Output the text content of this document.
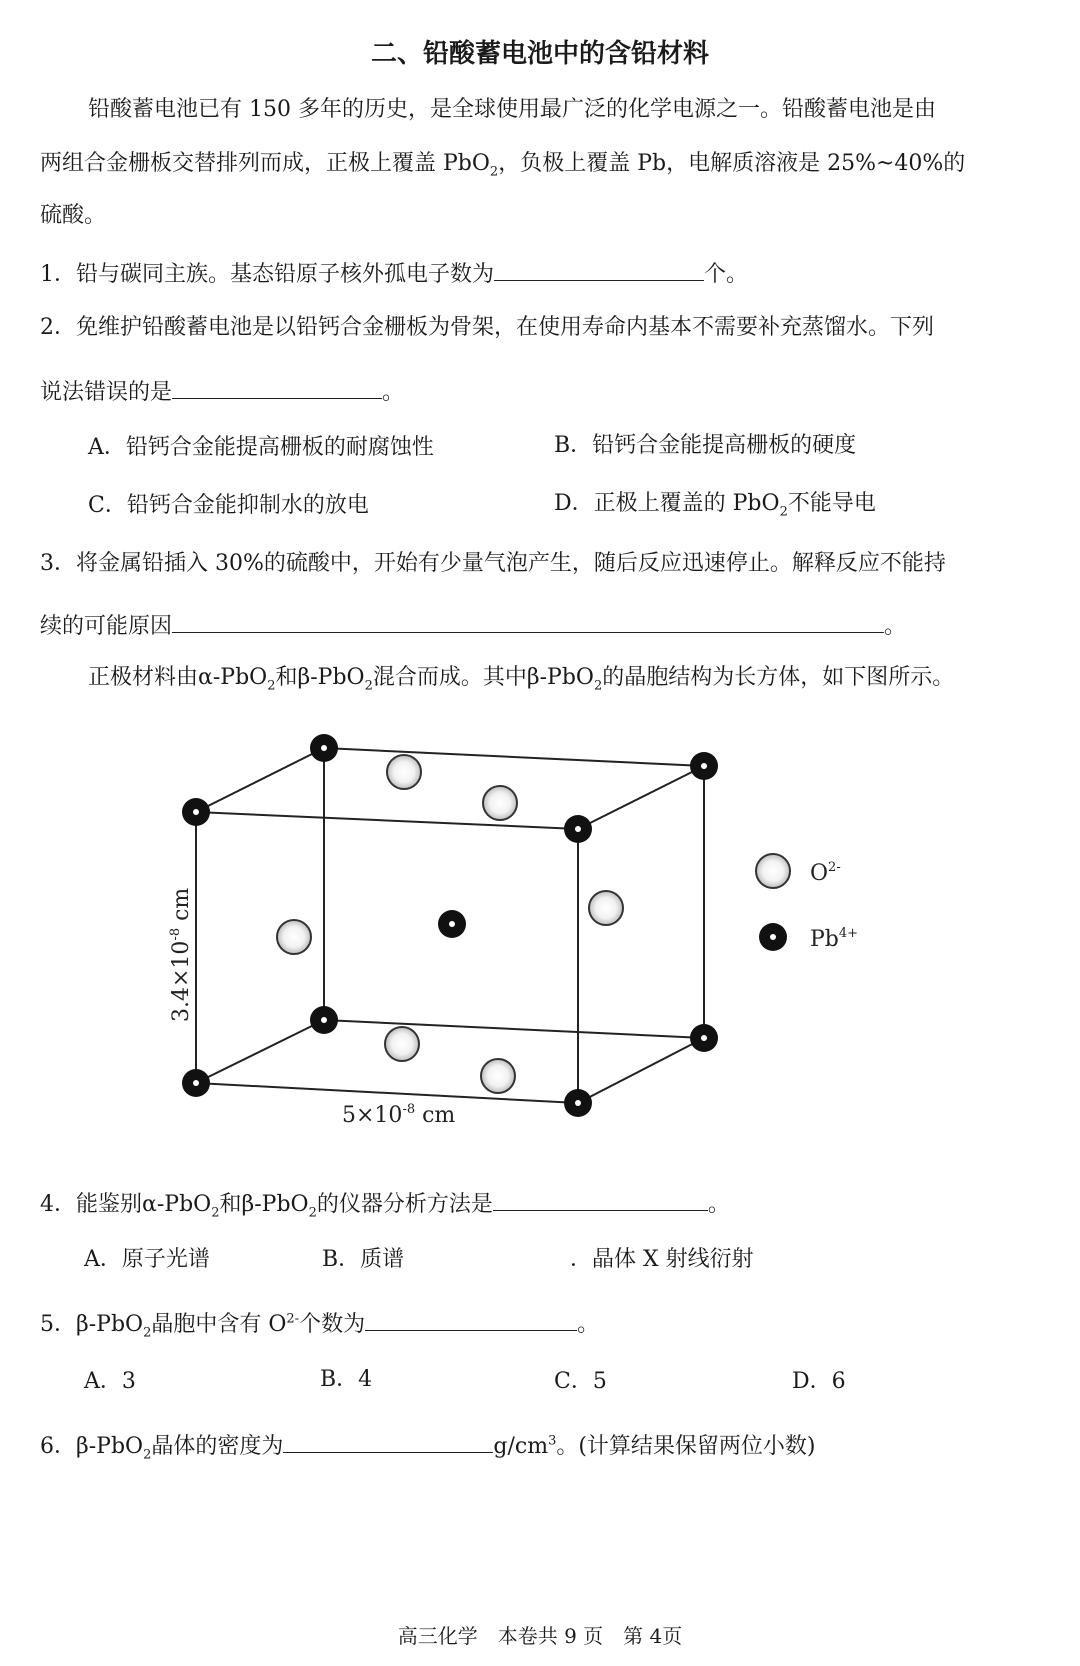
二、铅酸蓄电池中的含铅材料
铅酸蓄电池已有 150 多年的历史，是全球使用最广泛的化学电源之一。铅酸蓄电池是由
两组合金栅板交替排列而成，正极上覆盖 PbO$_2$，负极上覆盖 Pb，电解质溶液是 25%~40%的
硫酸。
1．铅与碳同主族。基态铅原子核外孤电子数为	个。
2．免维护铅酸蓄电池是以铅钙合金栅板为骨架，在使用寿命内基本不需要补充蒸馏水。下列
说法错误的是	。
A．铅钙合金能提高栅板的耐腐蚀性	B．铅钙合金能提高栅板的硬度
C．铅钙合金能抑制水的放电	D．正极上覆盖的 PbO$_2$不能导电
3．将金属铅插入 30%的硫酸中，开始有少量气泡产生，随后反应迅速停止。解释反应不能持
续的可能原因	。
正极材料由α-PbO$_2$和β-PbO$_2$混合而成。其中β-PbO$_2$的晶胞结构为长方体，如下图所示。
$3.4\times 10^{-8}$ cm
$5\times 10^{-8}$ cm
$O^{2-}$
$Pb^{4+}$
4．能鉴别α-PbO$_2$和β-PbO$_2$的仪器分析方法是	。
A．原子光谱	B．质谱	．晶体 X 射线衍射
5．β-PbO$_2$晶胞中含有 $O^{2-}$个数为	。
A．3	B．4	C．5	D．6
6．β-PbO$_2$晶体的密度为	$g/cm^3$。(计算结果保留两位小数)
高三化学　本卷共 9 页　第 4页
